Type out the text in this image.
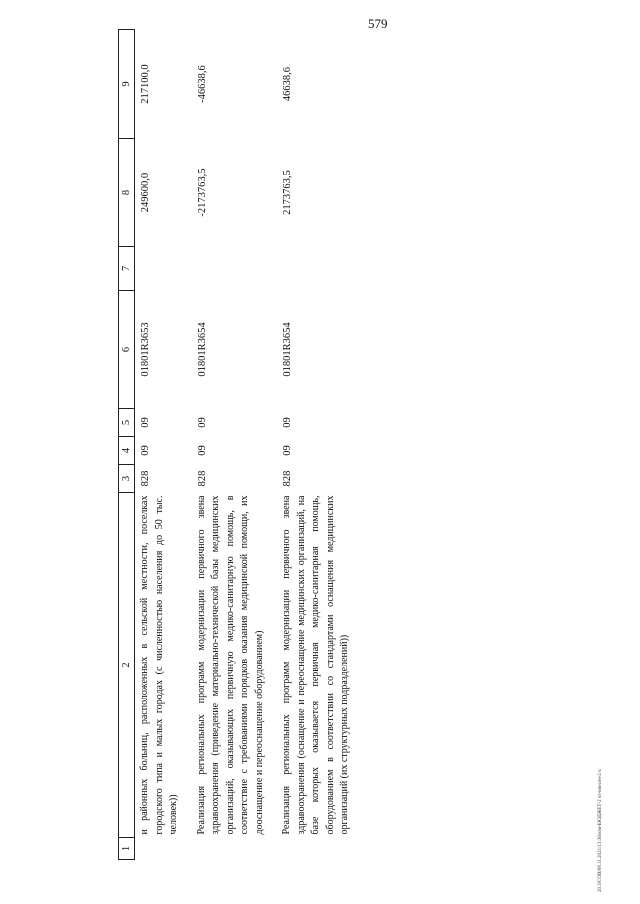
579
20.3/СОВ/08.11.2021/13:36/юм-БЮДЖЕТ-2 чт-внесен-2 ч
1	2	3	4	5	6	7	8	9
	и районных больниц, расположенных в сельской местности, поселках городского типа и малых городах (с численностью населения до 50 тыс. человек))	828	09	09	01801R3653		249600,0	217100,0
	Реализация региональных программ модернизации первичного звена здравоохранения (приведение материально-технической базы медицинских организаций, оказывающих первичную медико-санитарную помощь, в соответствие с требованиями порядков оказания медицинской помощи, их дооснащение и переоснащение оборудованием)	828	09	09	01801R3654		-2173763,5	-46638,6
	Реализация региональных программ модернизации первичного звена здравоохранения (оснащение и переоснащение медицинских организаций, на базе которых оказывается первичная медико-санитарная помощь, оборудованием в соответствии со стандартами оснащения медицинских организаций (их структурных подразделений))	828	09	09	01801R3654		2173763,5	46638,6
